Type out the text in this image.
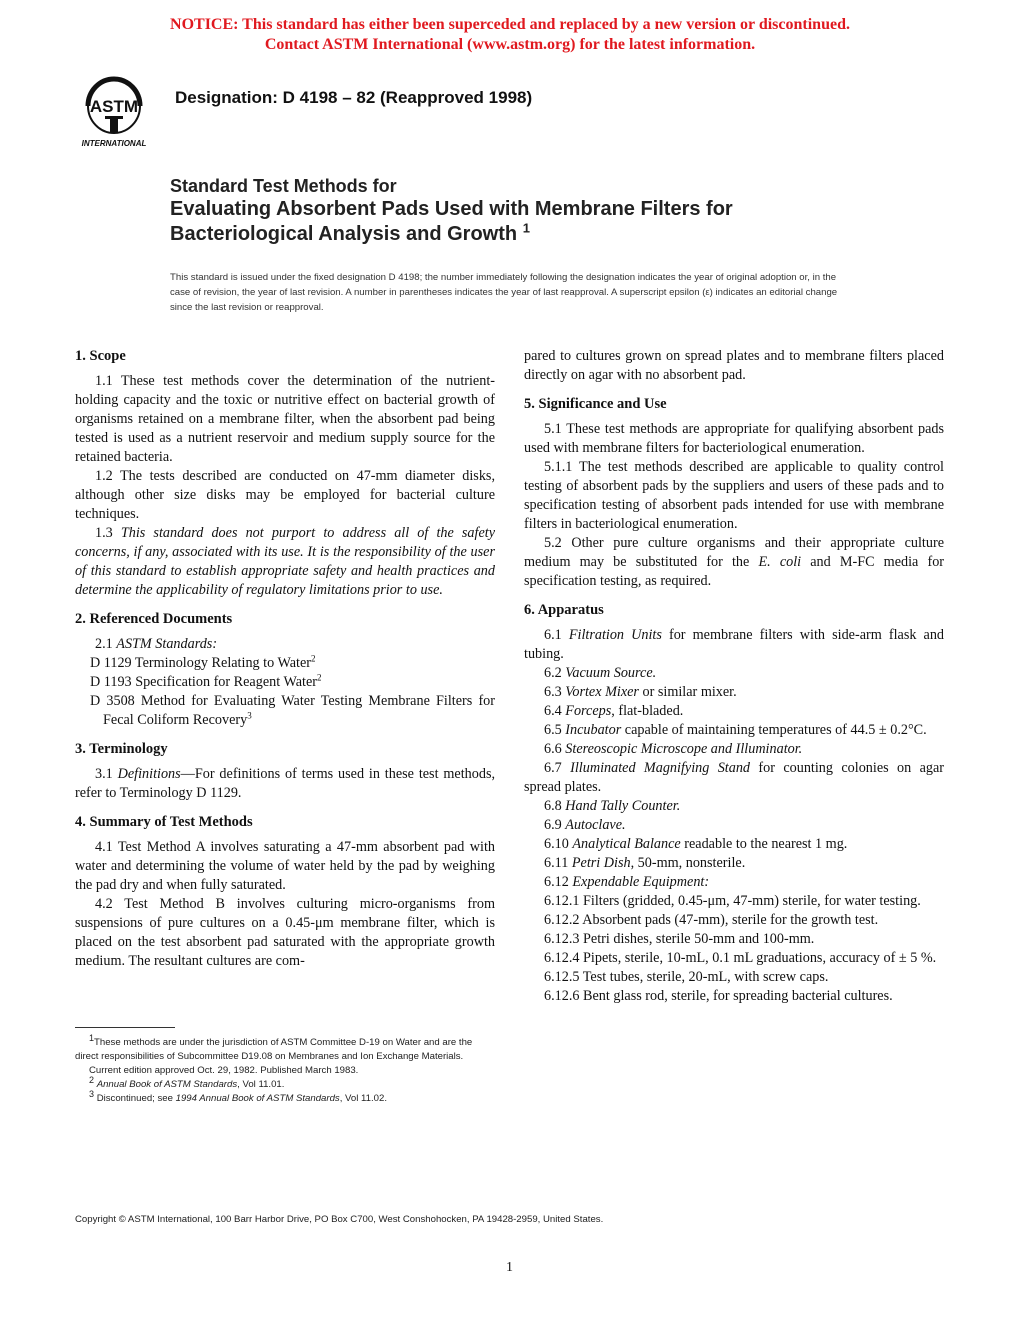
NOTICE: This standard has either been superceded and replaced by a new version or discontinued.
Contact ASTM International (www.astm.org) for the latest information.
ASTM
INTERNATIONAL
Designation: D 4198 – 82 (Reapproved 1998)
Standard Test Methods for
Evaluating Absorbent Pads Used with Membrane Filters for
Bacteriological Analysis and Growth $^1$
This standard is issued under the fixed designation D 4198; the number immediately following the designation indicates the year of original adoption or, in the case of revision, the year of last revision. A number in parentheses indicates the year of last reapproval. A superscript epsilon (ε) indicates an editorial change since the last revision or reapproval.
1. Scope

1.1 These test methods cover the determination of the nutrient-holding capacity and the toxic or nutritive effect on bacterial growth of organisms retained on a membrane filter, when the absorbent pad being tested is used as a nutrient reservoir and medium supply source for the retained bacteria.

1.2 The tests described are conducted on 47-mm diameter disks, although other size disks may be employed for bacterial culture techniques.

1.3 This standard does not purport to address all of the safety concerns, if any, associated with its use. It is the responsibility of the user of this standard to establish appropriate safety and health practices and determine the applicability of regulatory limitations prior to use.

2. Referenced Documents

2.1 ASTM Standards:

D 1129 Terminology Relating to Water$^2$

D 1193 Specification for Reagent Water$^2$

D 3508 Method for Evaluating Water Testing Membrane Filters for Fecal Coliform Recovery$^3$

3. Terminology

3.1 Definitions—For definitions of terms used in these test methods, refer to Terminology D 1129.

4. Summary of Test Methods

4.1 Test Method A involves saturating a 47-mm absorbent pad with water and determining the volume of water held by the pad by weighing the pad dry and when fully saturated.

4.2 Test Method B involves culturing micro-organisms from suspensions of pure cultures on a 0.45-μm membrane filter, which is placed on the test absorbent pad saturated with the appropriate growth medium. The resultant cultures are com-

pared to cultures grown on spread plates and to membrane filters placed directly on agar with no absorbent pad.

5. Significance and Use

5.1 These test methods are appropriate for qualifying absorbent pads used with membrane filters for bacteriological enumeration.

5.1.1 The test methods described are applicable to quality control testing of absorbent pads by the suppliers and users of these pads and to specification testing of absorbent pads intended for use with membrane filters in bacteriological enumeration.

5.2 Other pure culture organisms and their appropriate culture medium may be substituted for the E. coli and M-FC media for specification testing, as required.

6. Apparatus

6.1 Filtration Units for membrane filters with side-arm flask and tubing.

6.2 Vacuum Source.

6.3 Vortex Mixer or similar mixer.

6.4 Forceps, flat-bladed.

6.5 Incubator capable of maintaining temperatures of 44.5 ± 0.2°C.

6.6 Stereoscopic Microscope and Illuminator.

6.7 Illuminated Magnifying Stand for counting colonies on agar spread plates.

6.8 Hand Tally Counter.

6.9 Autoclave.

6.10 Analytical Balance readable to the nearest 1 mg.

6.11 Petri Dish, 50-mm, nonsterile.

6.12 Expendable Equipment:

6.12.1 Filters (gridded, 0.45-μm, 47-mm) sterile, for water testing.

6.12.2 Absorbent pads (47-mm), sterile for the growth test.

6.12.3 Petri dishes, sterile 50-mm and 100-mm.

6.12.4 Pipets, sterile, 10-mL, 0.1 mL graduations, accuracy of ± 5 %.

6.12.5 Test tubes, sterile, 20-mL, with screw caps.

6.12.6 Bent glass rod, sterile, for spreading bacterial cultures.

$^1$These methods are under the jurisdiction of ASTM Committee D-19 on Water and are the direct responsibilities of Subcommittee D19.08 on Membranes and Ion Exchange Materials.

Current edition approved Oct. 29, 1982. Published March 1983.

$^2$ Annual Book of ASTM Standards, Vol 11.01.

$^3$ Discontinued; see 1994 Annual Book of ASTM Standards, Vol 11.02.

Copyright © ASTM International, 100 Barr Harbor Drive, PO Box C700, West Conshohocken, PA 19428-2959, United States.
1
